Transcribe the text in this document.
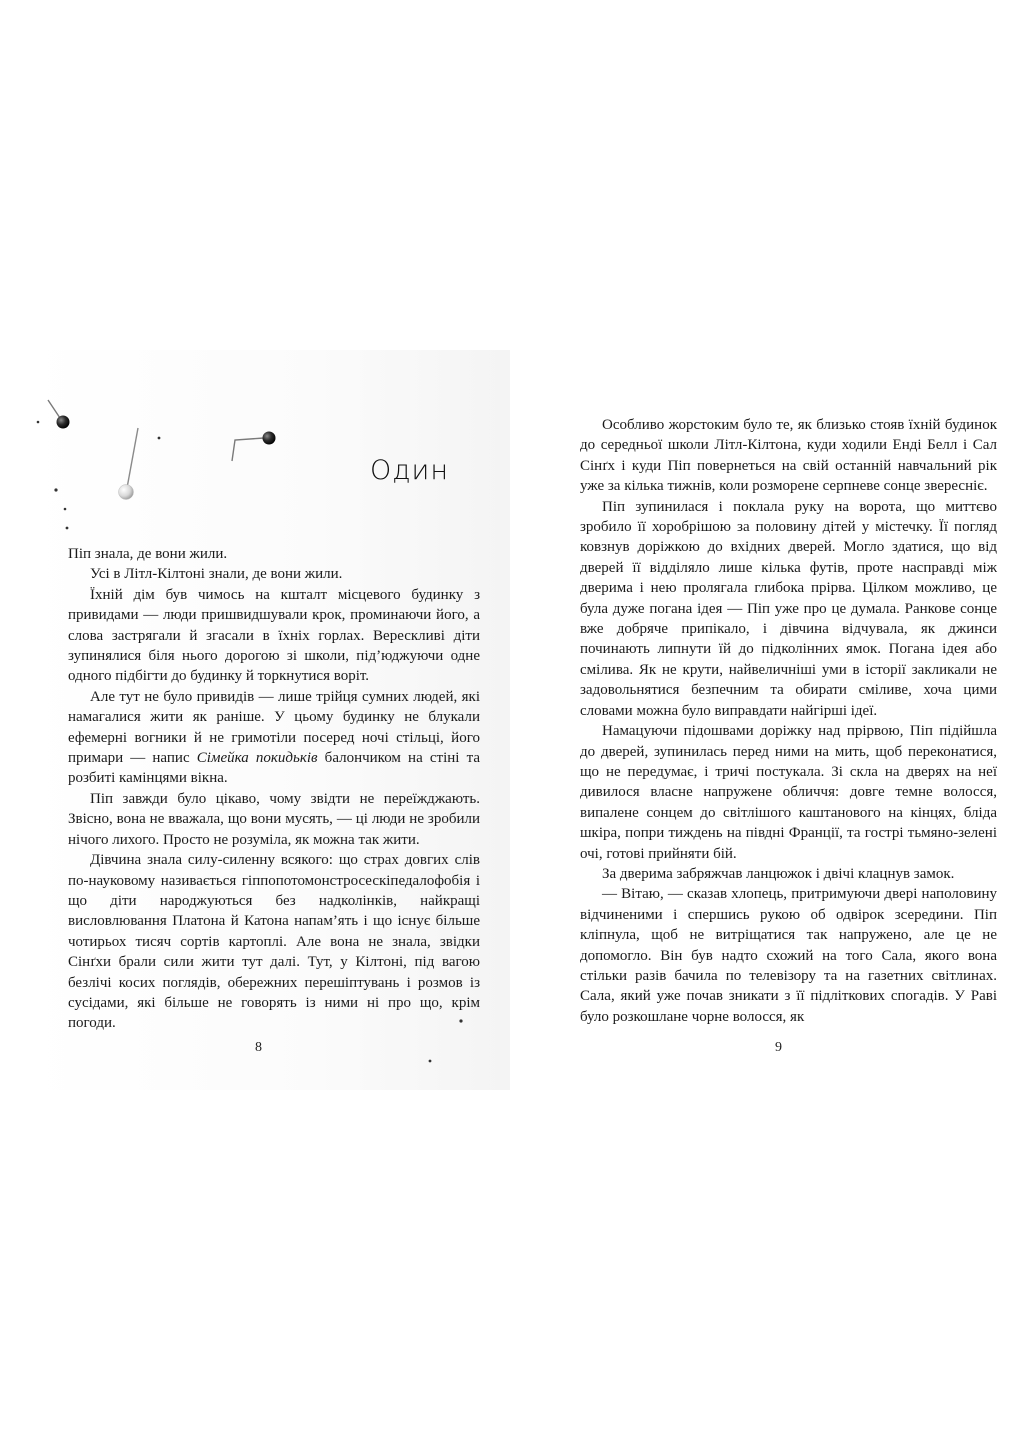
Один

Піп знала, де вони жили.

Усі в Літл-Кілтоні знали, де вони жили.

Їхній дім був чимось на кшталт місцевого будинку з привидами — люди пришвидшували крок, проминаючи його, а слова застрягали й згасали в їхніх горлах. Верескливі діти зупинялися біля нього дорогою зі школи, під’юджуючи одне одного підбігти до будинку й торкнутися воріт.

Але тут не було привидів — лише трійця сумних людей, які намагалися жити як раніше. У цьому будинку не блукали ефемерні вогники й не гримотіли посеред ночі стільці, його примари — напис Сімейка покидьків балончиком на стіні та розбиті камінцями вікна.

Піп завжди було цікаво, чому звідти не переїжджають. Звісно, вона не вважала, що вони мусять, — ці люди не зробили нічого лихого. Просто не розуміла, як можна так жити.

Дівчина знала силу-силенну всякого: що страх довгих слів по-науковому називається гіппопотомонстросескіпедалофобія і що діти народжуються без надколінків, найкращі висловлювання Платона й Катона напам’ять і що існує більше чотирьох тисяч сортів картоплі. Але вона не знала, звідки Сінґхи брали сили жити тут далі. Тут, у Кілтоні, під вагою безлічі косих поглядів, обережних перешіптувань і розмов із сусідами, які більше не говорять із ними ні про що, крім погоди.

8

Особливо жорстоким було те, як близько стояв їхній будинок до середньої школи Літл-Кілтона, куди ходили Енді Белл і Сал Сінґх і куди Піп повернеться на свій останній навчальний рік уже за кілька тижнів, коли розморене серпневе сонце звересніє.

Піп зупинилася і поклала руку на ворота, що миттєво зробило її хоробрішою за половину дітей у містечку. Її погляд ковзнув доріжкою до вхідних дверей. Могло здатися, що від дверей її відділяло лише кілька футів, проте насправді між дверима і нею пролягала глибока прірва. Цілком можливо, це була дуже погана ідея — Піп уже про це думала. Ранкове сонце вже добряче припікало, і дівчина відчувала, як джинси починають липнути їй до підколінних ямок. Погана ідея або смілива. Як не крути, найвеличніші уми в історії закликали не задовольнятися безпечним та обирати сміливе, хоча цими словами можна було виправдати найгірші ідеї.

Намацуючи підошвами доріжку над прірвою, Піп підійшла до дверей, зупинилась перед ними на мить, щоб переконатися, що не передумає, і тричі постукала. Зі скла на дверях на неї дивилося власне напружене обличчя: довге темне волосся, випалене сонцем до світлішого каштанового на кінцях, бліда шкіра, попри тиждень на півдні Франції, та гострі тьмяно-зелені очі, готові прийняти бій.

За дверима забряжчав ланцюжок і двічі клацнув замок.

— Вітаю, — сказав хлопець, притримуючи двері наполовину відчиненими і спершись рукою об одвірок зсередини. Піп кліпнула, щоб не витріщатися так напружено, але це не допомогло. Він був надто схожий на того Сала, якого вона стільки разів бачила по телевізору та на газетних світлинах. Сала, який уже почав зникати з її підліткових спогадів. У Раві було розкошлане чорне волосся, як

9
